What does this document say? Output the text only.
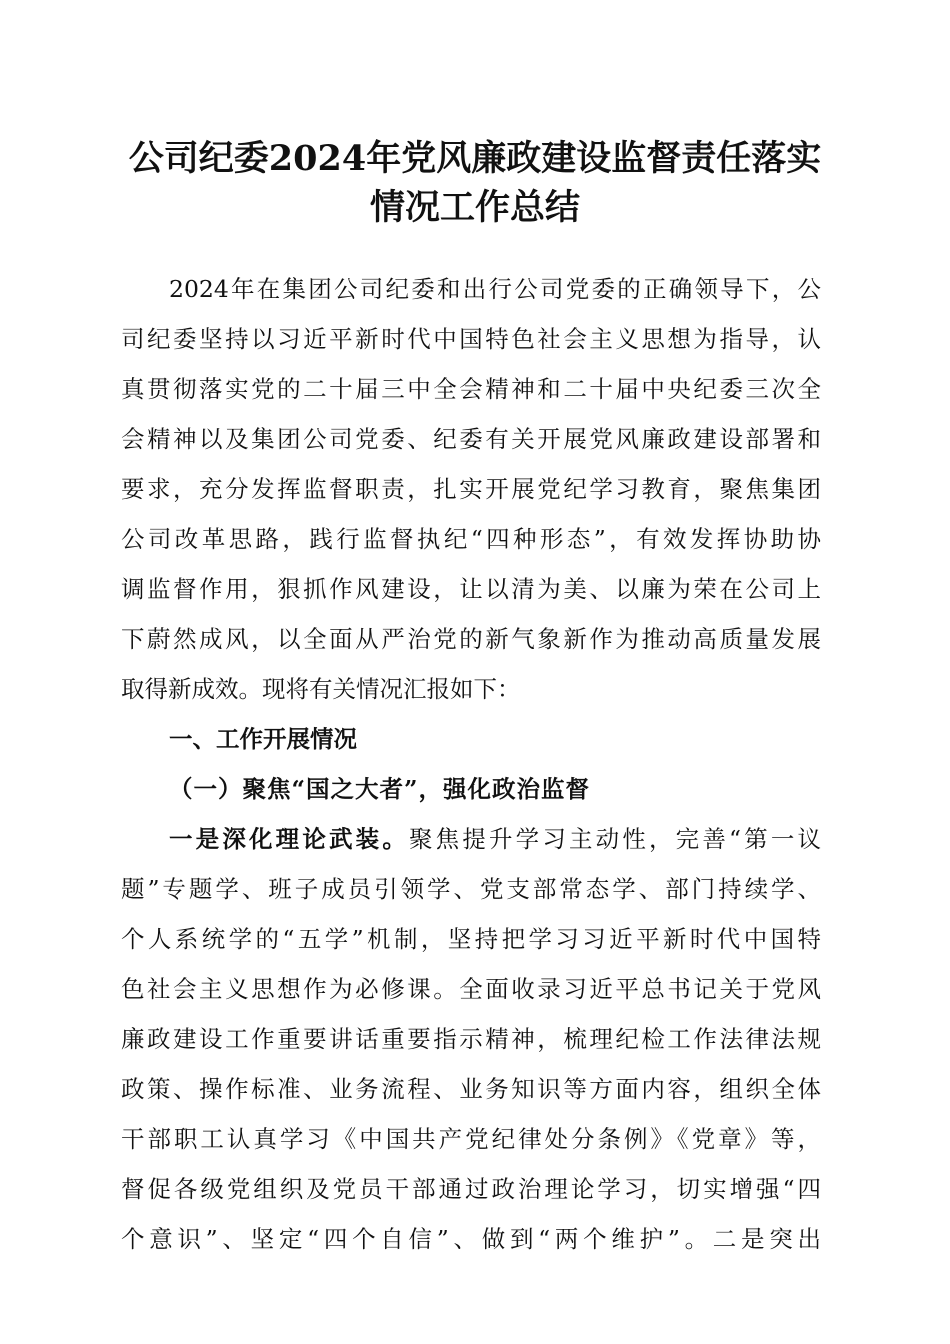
公司纪委2024年党风廉政建设监督责任落实
情况工作总结
2024年在集团公司纪委和出行公司党委的正确领导下，公
司纪委坚持以习近平新时代中国特色社会主义思想为指导，认
真贯彻落实党的二十届三中全会精神和二十届中央纪委三次全
会精神以及集团公司党委、纪委有关开展党风廉政建设部署和
要求，充分发挥监督职责，扎实开展党纪学习教育，聚焦集团
公司改革思路，践行监督执纪“四种形态”，有效发挥协助协
调监督作用，狠抓作风建设，让以清为美、以廉为荣在公司上
下蔚然成风，以全面从严治党的新气象新作为推动高质量发展
取得新成效。现将有关情况汇报如下：
一、工作开展情况
（一）聚焦“国之大者”，强化政治监督
一是深化理论武装。聚焦提升学习主动性，完善“第一议
题”专题学、班子成员引领学、党支部常态学、部门持续学、
个人系统学的“五学”机制，坚持把学习习近平新时代中国特
色社会主义思想作为必修课。全面收录习近平总书记关于党风
廉政建设工作重要讲话重要指示精神，梳理纪检工作法律法规
政策、操作标准、业务流程、业务知识等方面内容，组织全体
干部职工认真学习《中国共产党纪律处分条例》《党章》等，
督促各级党组织及党员干部通过政治理论学习，切实增强“四
个意识”、坚定“四个自信”、做到“两个维护”。二是突出
